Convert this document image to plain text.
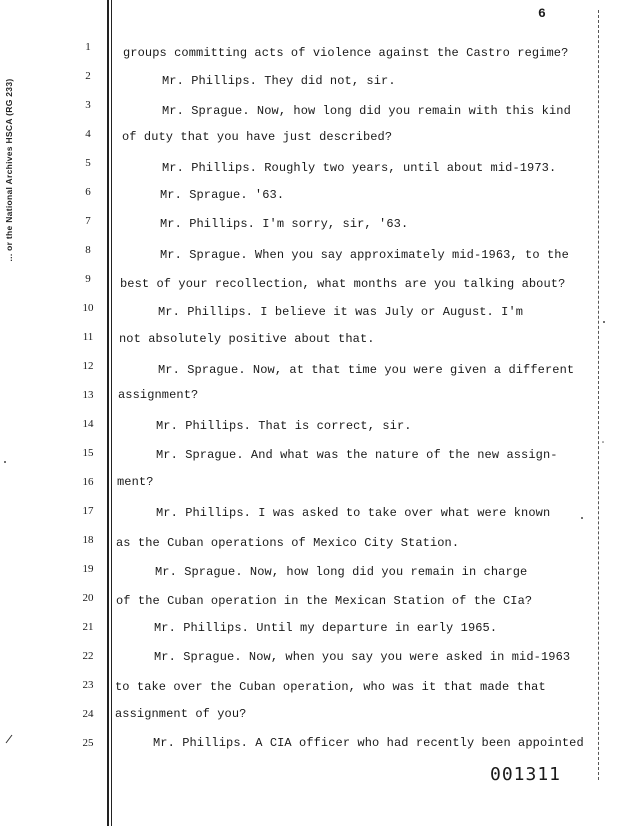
... or the National Archives HSCA (RG 233)
6
1	groups committing acts of violence against the Castro regime?
2	Mr. Phillips. They did not, sir.
3	Mr. Sprague. Now, how long did you remain with this kind
4	of duty that you have just described?
5	Mr. Phillips. Roughly two years, until about mid-1973.
6	Mr. Sprague. '63.
7	Mr. Phillips. I'm sorry, sir, '63.
8	Mr. Sprague. When you say approximately mid-1963, to the
9	best of your recollection, what months are you talking about?
10	Mr. Phillips. I believe it was July or August. I'm
11 not absolutely positive about that.
12	Mr. Sprague. Now, at that time you were given a different
13 assignment?
14	Mr. Phillips. That is correct, sir.
15	Mr. Sprague. And what was the nature of the new assign-
16 ment?
17	Mr. Phillips. I was asked to take over what were known
18 as the Cuban operations of Mexico City Station.
19	Mr. Sprague. Now, how long did you remain in charge
20 of the Cuban operation in the Mexican Station of the CIa?
21	Mr. Phillips. Until my departure in early 1965.
22	Mr. Sprague. Now, when you say you were asked in mid-1963
23 to take over the Cuban operation, who was it that made that
24 assignment of you?
25	Mr. Phillips. A CIA officer who had recently been appointed
001311
